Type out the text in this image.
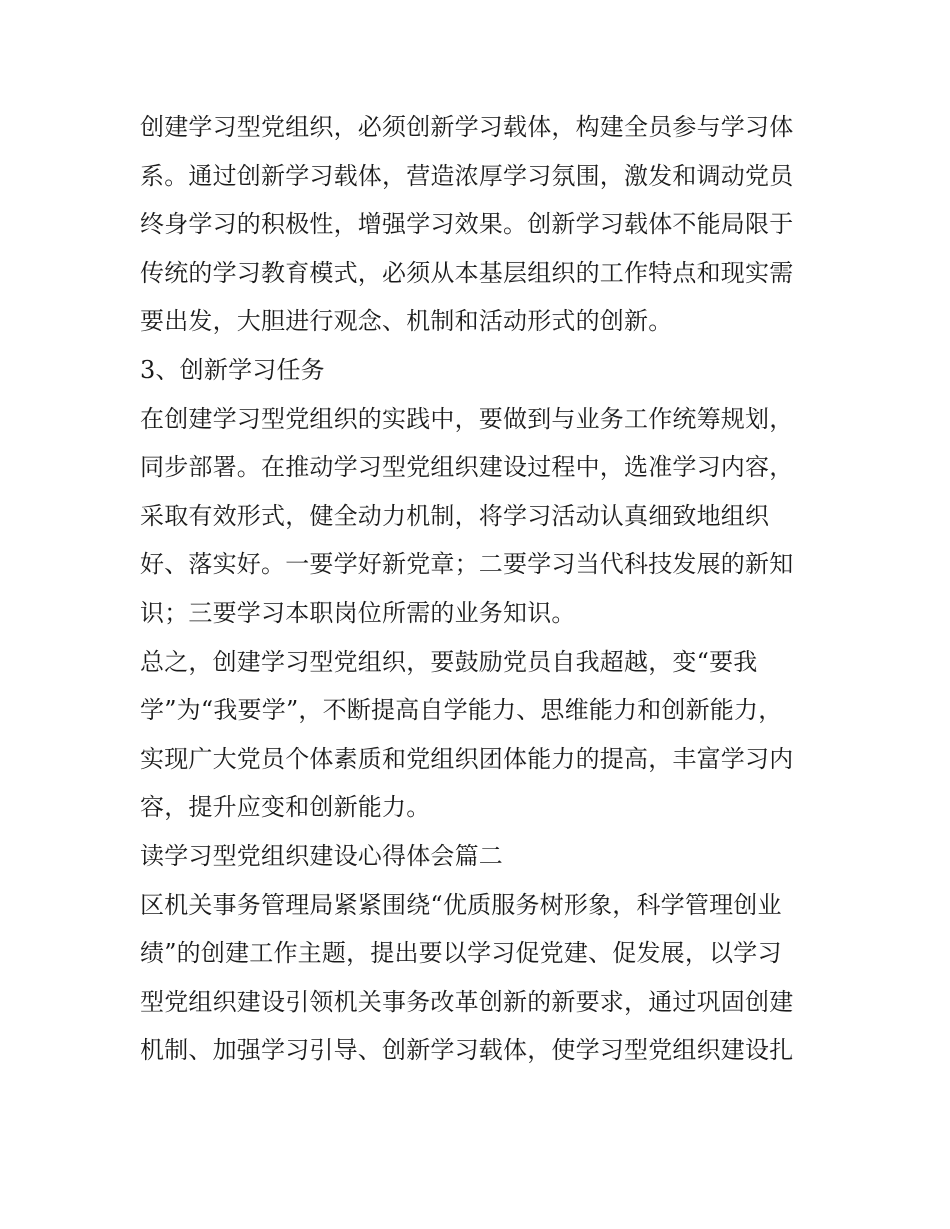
创建学习型党组织，必须创新学习载体，构建全员参与学习体
系。通过创新学习载体，营造浓厚学习氛围，激发和调动党员
终身学习的积极性，增强学习效果。创新学习载体不能局限于
传统的学习教育模式，必须从本基层组织的工作特点和现实需
要出发，大胆进行观念、机制和活动形式的创新。
3、创新学习任务
在创建学习型党组织的实践中，要做到与业务工作统筹规划，
同步部署。在推动学习型党组织建设过程中，选准学习内容，
采取有效形式，健全动力机制，将学习活动认真细致地组织
好、落实好。一要学好新党章；二要学习当代科技发展的新知
识；三要学习本职岗位所需的业务知识。
总之，创建学习型党组织，要鼓励党员自我超越，变“要我
学”为“我要学”，不断提高自学能力、思维能力和创新能力，
实现广大党员个体素质和党组织团体能力的提高，丰富学习内
容，提升应变和创新能力。
读学习型党组织建设心得体会篇二
区机关事务管理局紧紧围绕“优质服务树形象，科学管理创业
绩”的创建工作主题，提出要以学习促党建、促发展，以学习
型党组织建设引领机关事务改革创新的新要求，通过巩固创建
机制、加强学习引导、创新学习载体，使学习型党组织建设扎
